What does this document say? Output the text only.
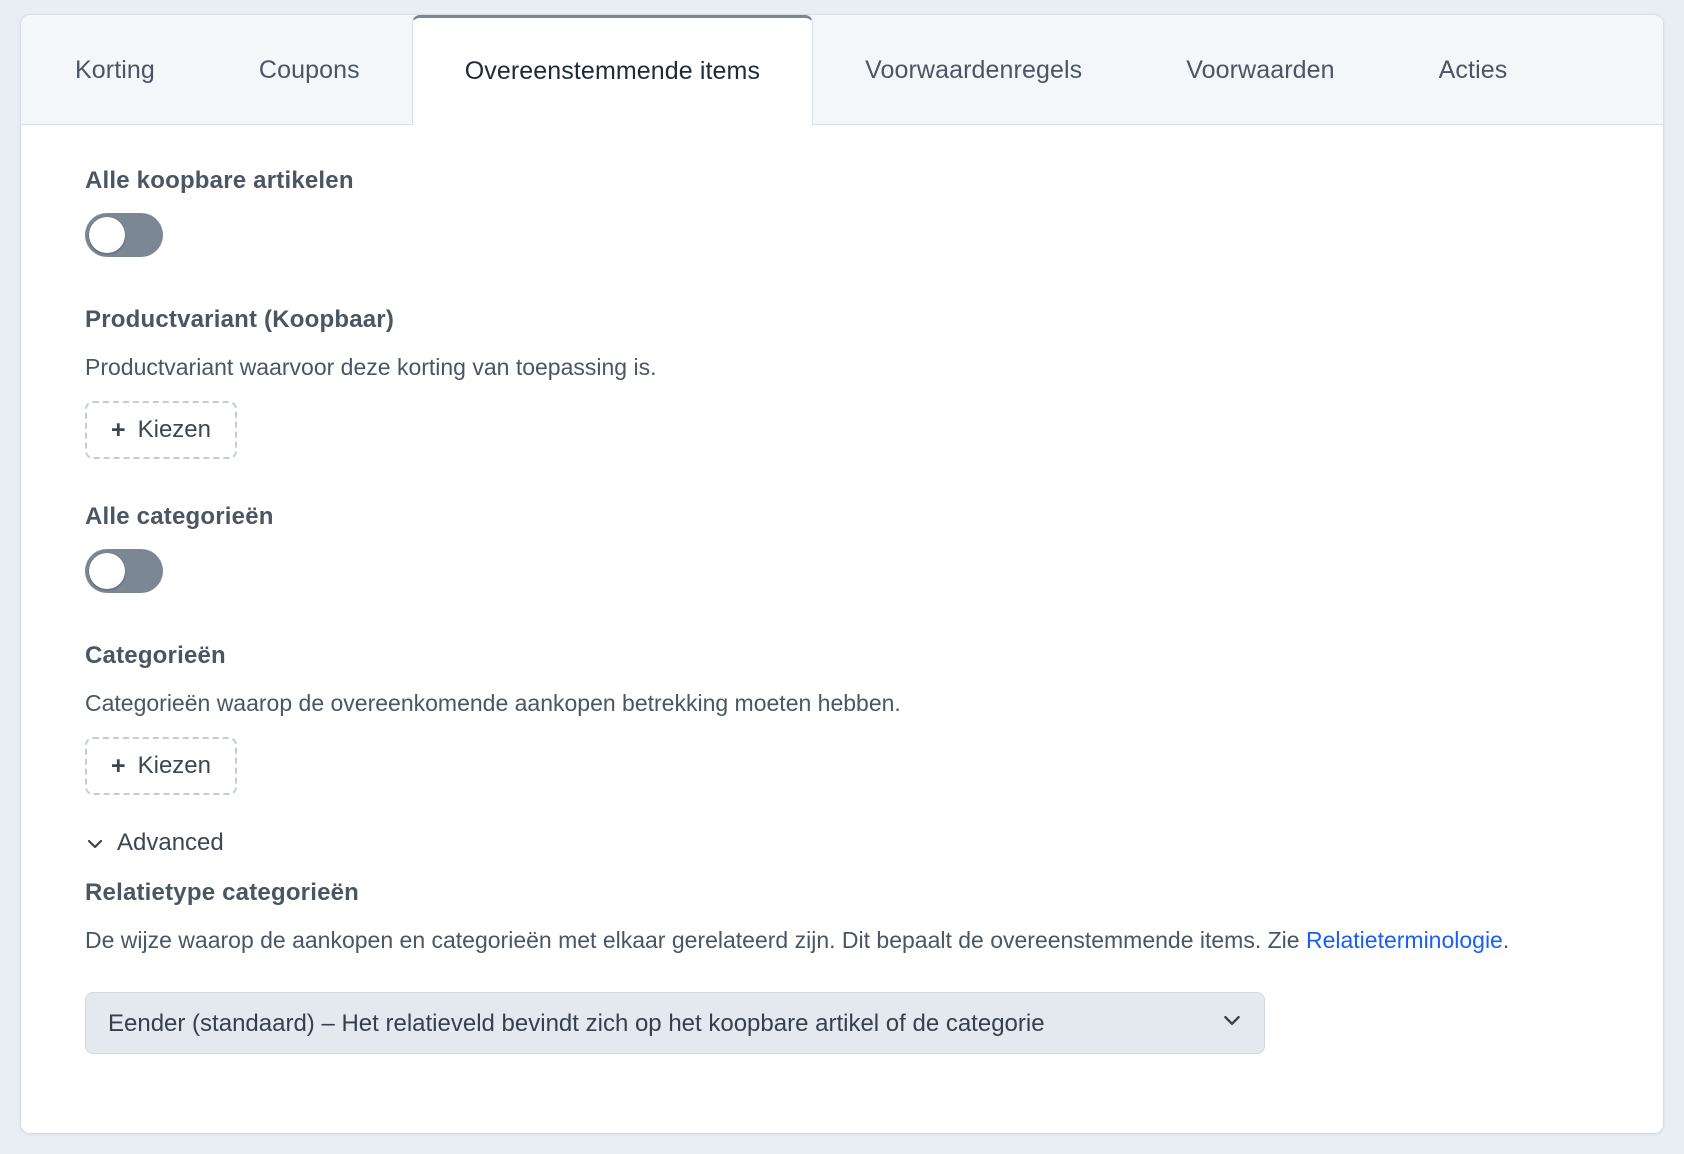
Korting	Coupons	Overeenstemmende items	Voorwaardenregels	Voorwaarden	Acties
Alle koopbare artikelen
Productvariant (Koopbaar)
Productvariant waarvoor deze korting van toepassing is.
+ Kiezen
Alle categorieën
Categorieën
Categorieën waarop de overeenkomende aankopen betrekking moeten hebben.
+ Kiezen
Advanced
Relatietype categorieën
De wijze waarop de aankopen en categorieën met elkaar gerelateerd zijn. Dit bepaalt de overeenstemmende items. Zie Relatieterminologie.
Eender (standaard) – Het relatieveld bevindt zich op het koopbare artikel of de categorie
